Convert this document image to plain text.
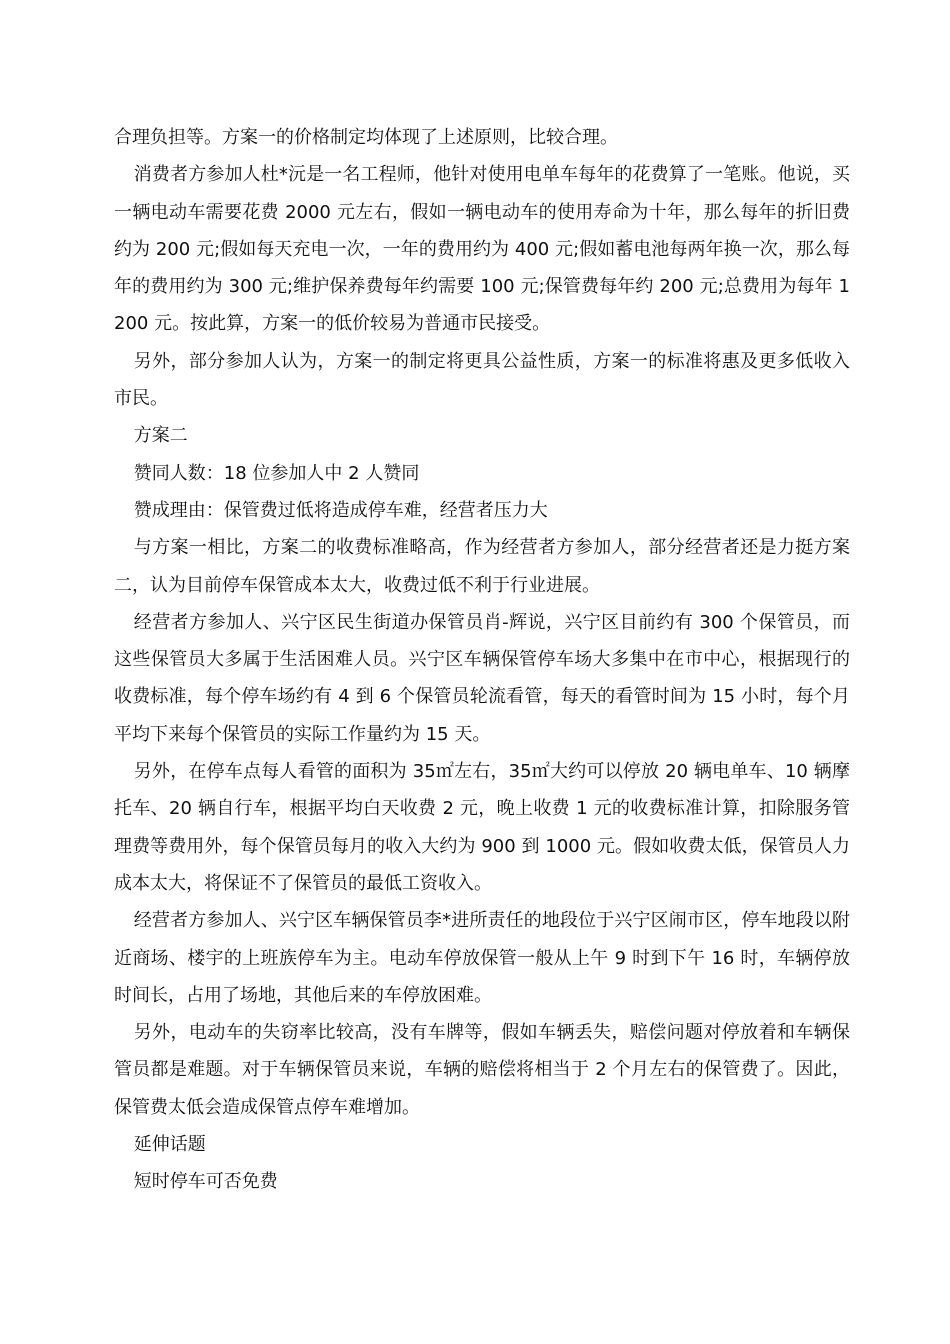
合理负担等。方案一的价格制定均体现了上述原则，比较合理。

消费者方参加人杜*沅是一名工程师，他针对使用电单车每年的花费算了一笔账。他说，买一辆电动车需要花费 2000 元左右，假如一辆电动车的使用寿命为十年，那么每年的折旧费约为 200 元;假如每天充电一次，一年的费用约为 400 元;假如蓄电池每两年换一次，那么每年的费用约为 300 元;维护保养费每年约需要 100 元;保管费每年约 200 元;总费用为每年 1200 元。按此算，方案一的低价较易为普通市民接受。

另外，部分参加人认为，方案一的制定将更具公益性质，方案一的标准将惠及更多低收入市民。

方案二

赞同人数：18 位参加人中 2 人赞同

赞成理由：保管费过低将造成停车难，经营者压力大

与方案一相比，方案二的收费标准略高，作为经营者方参加人，部分经营者还是力挺方案二，认为目前停车保管成本太大，收费过低不利于行业进展。

经营者方参加人、兴宁区民生街道办保管员肖-辉说，兴宁区目前约有 300 个保管员，而这些保管员大多属于生活困难人员。兴宁区车辆保管停车场大多集中在市中心，根据现行的收费标准，每个停车场约有 4 到 6 个保管员轮流看管，每天的看管时间为 15 小时，每个月平均下来每个保管员的实际工作量约为 15 天。

另外，在停车点每人看管的面积为 35㎡左右，35㎡大约可以停放 20 辆电单车、10 辆摩托车、20 辆自行车，根据平均白天收费 2 元，晚上收费 1 元的收费标准计算，扣除服务管理费等费用外，每个保管员每月的收入大约为 900 到 1000 元。假如收费太低，保管员人力成本太大，将保证不了保管员的最低工资收入。

经营者方参加人、兴宁区车辆保管员李*进所责任的地段位于兴宁区闹市区，停车地段以附近商场、楼宇的上班族停车为主。电动车停放保管一般从上午 9 时到下午 16 时，车辆停放时间长，占用了场地，其他后来的车停放困难。

另外，电动车的失窃率比较高，没有车牌等，假如车辆丢失，赔偿问题对停放着和车辆保管员都是难题。对于车辆保管员来说，车辆的赔偿将相当于 2 个月左右的保管费了。因此，保管费太低会造成保管点停车难增加。

延伸话题

短时停车可否免费
